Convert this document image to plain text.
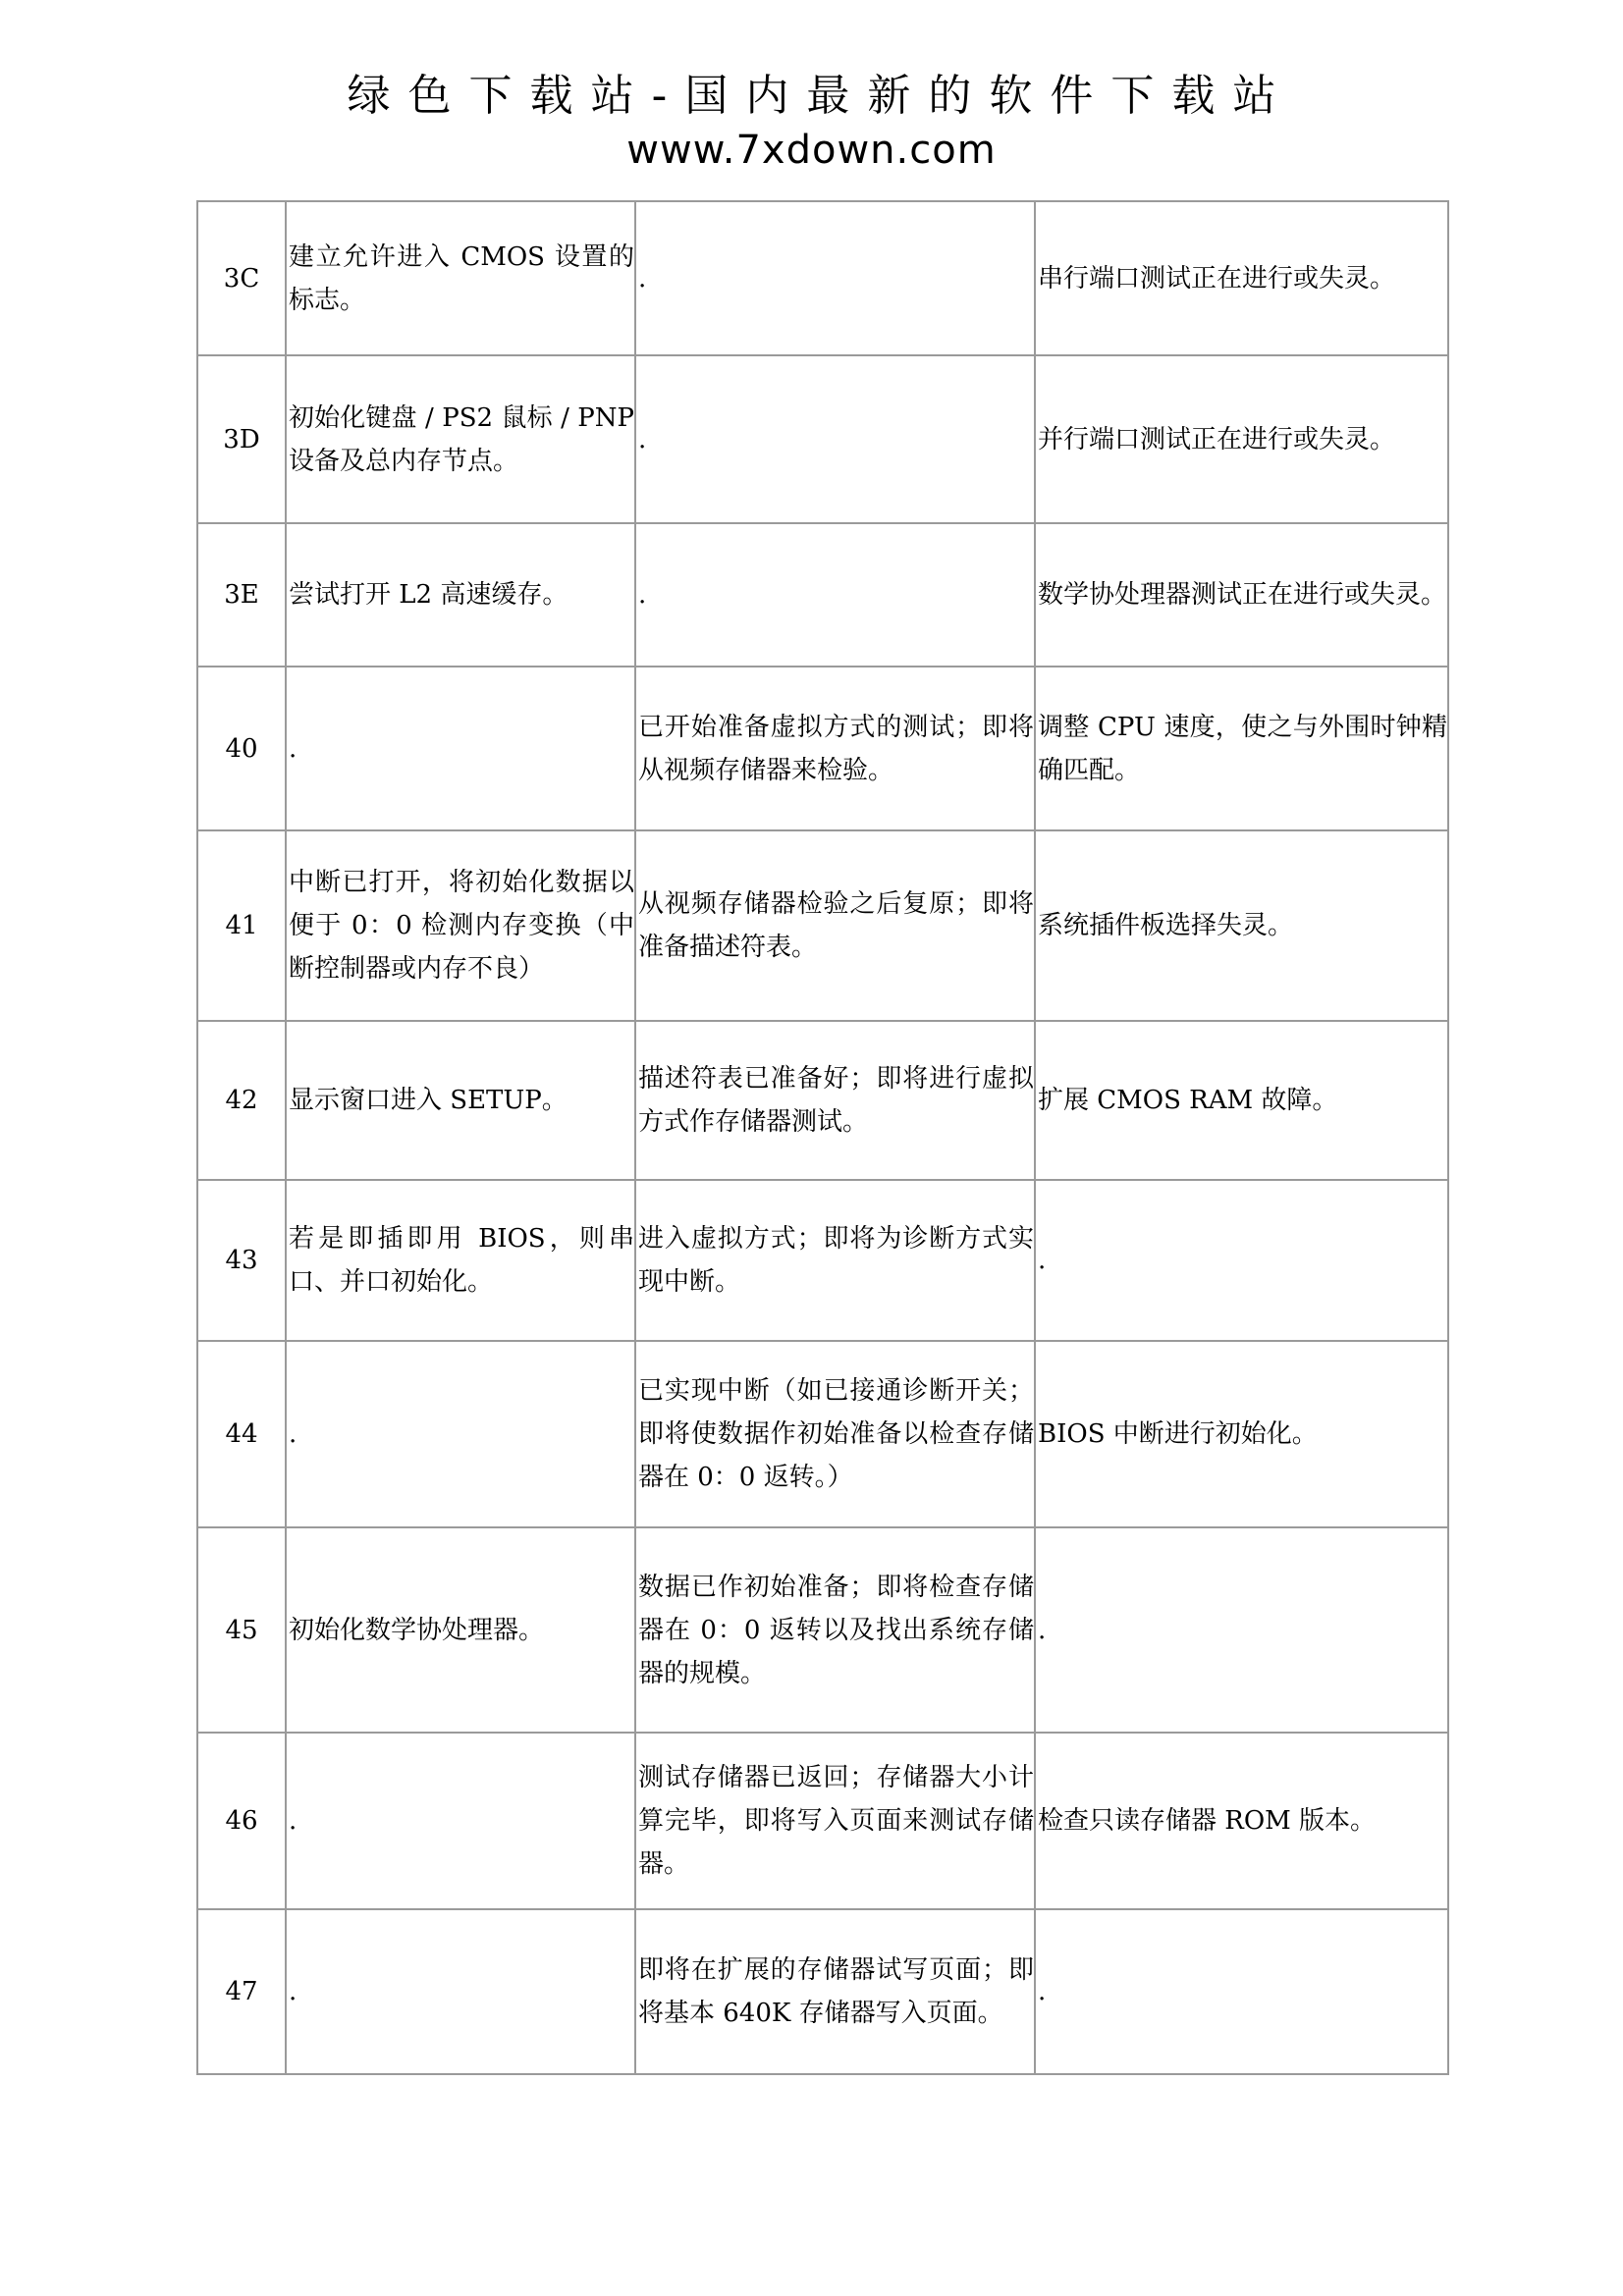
绿色下载站-国内最新的软件下载站
www.7xdown.com
3C	建立允许进入 CMOS 设置的标志。	.	串行端口测试正在进行或失灵。
3D	初始化键盘 / PS2 鼠标 / PNP 设备及总内存节点。	.	并行端口测试正在进行或失灵。
3E	尝试打开 L2 高速缓存。	.	数学协处理器测试正在进行或失灵。
40	.	已开始准备虚拟方式的测试；即将从视频存储器来检验。	调整 CPU 速度，使之与外围时钟精确匹配。
41	中断已打开，将初始化数据以便于 0：0 检测内存变换（中断控制器或内存不良）	从视频存储器检验之后复原；即将准备描述符表。	系统插件板选择失灵。
42	显示窗口进入 SETUP。	描述符表已准备好；即将进行虚拟方式作存储器测试。	扩展 CMOS RAM 故障。
43	若是即插即用 BIOS，则串口、并口初始化。	进入虚拟方式；即将为诊断方式实现中断。	.
44	.	已实现中断（如已接通诊断开关；即将使数据作初始准备以检查存储器在 0：0 返转。）	BIOS 中断进行初始化。
45	初始化数学协处理器。	数据已作初始准备；即将检查存储器在 0：0 返转以及找出系统存储器的规模。	.
46	.	测试存储器已返回；存储器大小计算完毕，即将写入页面来测试存储器。	检查只读存储器 ROM 版本。
47	.	即将在扩展的存储器试写页面；即将基本 640K 存储器写入页面。	.
